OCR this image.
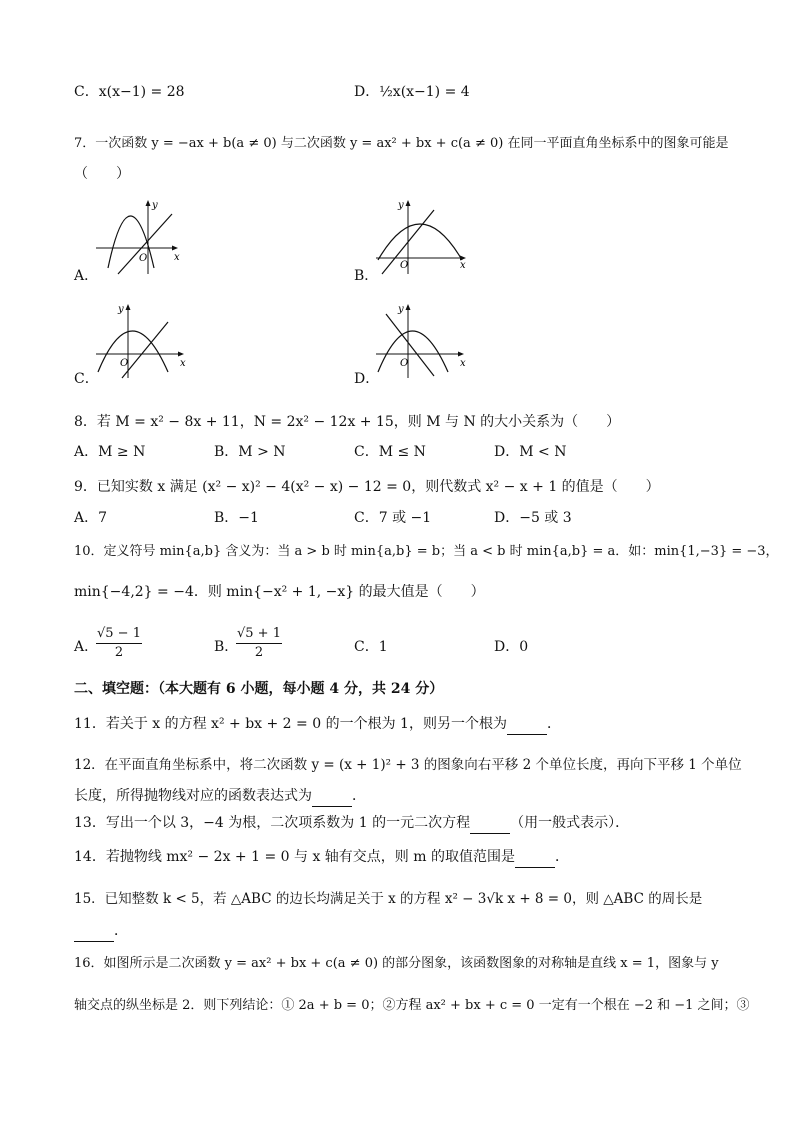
C．x(x−1) = 28	D．½x(x−1) = 4
7．一次函数 y = −ax + b(a ≠ 0) 与二次函数 y = ax² + bx + c(a ≠ 0) 在同一平面直角坐标系中的图象可能是
（　　）
A．	B．
C．	D．
x
y
O
x
y
O
x
y
O	x
y
O
8．若 M = x² − 8x + 11，N = 2x² − 12x + 15，则 M 与 N 的大小关系为（　　）
A．M ≥ N	B．M > N	C．M ≤ N	D．M < N
9．已知实数 x 满足 (x² − x)² − 4(x² − x) − 12 = 0，则代数式 x² − x + 1 的值是（　　）
A．7	B．−1	C．7 或 −1	D．−5 或 3
10．定义符号 min{a,b} 含义为：当 a > b 时 min{a,b} = b；当 a < b 时 min{a,b} = a．如：min{1,−3} = −3，
min{−4,2} = −4．则 min{−x² + 1, −x} 的最大值是（　　）
A．
$\frac{√5 - 1}{2}$	B．
$\frac{√5 + 1}{2}$	C．1	D．0
二、填空题：（本大题有 6 小题，每小题 4 分，共 24 分）
11．若关于 x 的方程 x² + bx + 2 = 0 的一个根为 1，则另一个根为	．
12．在平面直角坐标系中，将二次函数 y = (x + 1)² + 3 的图象向右平移 2 个单位长度，再向下平移 1 个单位
长度，所得抛物线对应的函数表达式为	．
13．写出一个以 3，−4 为根，二次项系数为 1 的一元二次方程	（用一般式表示）．
14．若抛物线 mx² − 2x + 1 = 0 与 x 轴有交点，则 m 的取值范围是	．
15．已知整数 k < 5，若 △ABC 的边长均满足关于 x 的方程 x² − 3√k x + 8 = 0，则 △ABC 的周长是
．
16．如图所示是二次函数 y = ax² + bx + c(a ≠ 0) 的部分图象，该函数图象的对称轴是直线 x = 1，图象与 y
轴交点的纵坐标是 2．则下列结论：① 2a + b = 0；②方程 ax² + bx + c = 0 一定有一个根在 −2 和 −1 之间；③
